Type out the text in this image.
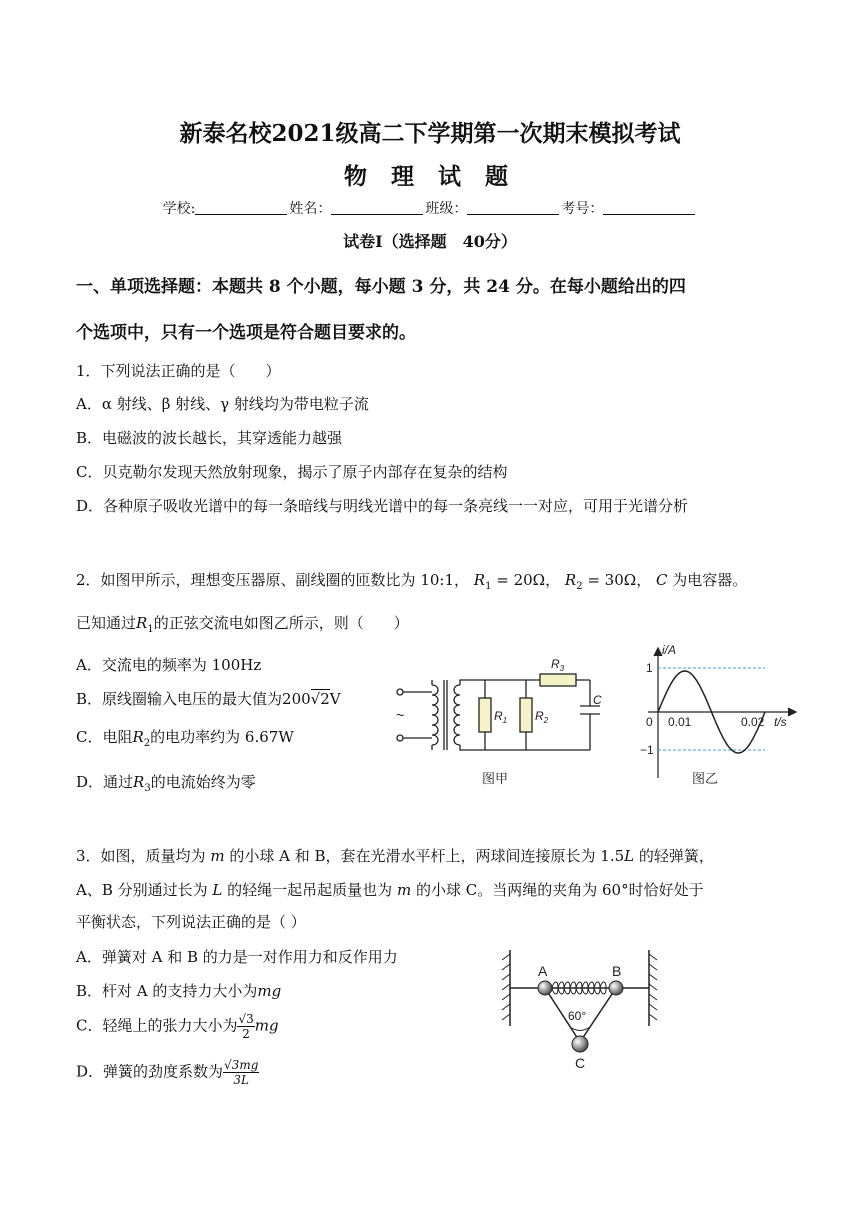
新泰名校2021级高二下学期第一次期末模拟考试
物 理 试 题
学校:	姓名：	班级：	考号：
试卷Ⅰ（选择题　40分）
一、单项选择题：本题共 8 个小题，每小题 3 分，共 24 分。在每小题给出的四
个选项中，只有一个选项是符合题目要求的。
1．下列说法正确的是（　　）
A．α 射线、β 射线、γ 射线均为带电粒子流
B．电磁波的波长越长，其穿透能力越强
C．贝克勒尔发现天然放射现象，揭示了原子内部存在复杂的结构
D．各种原子吸收光谱中的每一条暗线与明线光谱中的每一条亮线一一对应，可用于光谱分析
2．如图甲所示，理想变压器原、副线圈的匝数比为 10:1， $R_1 = 20\Omega$， $R_2 = 30\Omega$， C 为电容器。
已知通过$R_1$的正弦交流电如图乙所示，则（　　）
A．交流电的频率为 100Hz
B．原线圈输入电压的最大值为200√2V
C．电阻$R_2$的电功率约为 6.67W
D．通过$R_3$的电流始终为零
~	$R_1$ $R_2$
$R_3$
C
图甲
i/A
1
−1
0 0.01	0.02 t/s
图乙
3．如图，质量均为 m 的小球 A 和 B，套在光滑水平杆上，两球间连接原长为 1.5L 的轻弹簧，
A、B 分别通过长为 L 的轻绳一起吊起质量也为 m 的小球 C。当两绳的夹角为 60°时恰好处于
平衡状态，下列说法正确的是（ ）
A．弹簧对 A 和 B 的力是一对作用力和反作用力
B．杆对 A 的支持力大小为mg
C．轻绳上的张力大小为 $\frac{√3}{2}$ mg
D．弹簧的劲度系数为 $\frac{√3mg}{3L}$
A	B
C
60°
